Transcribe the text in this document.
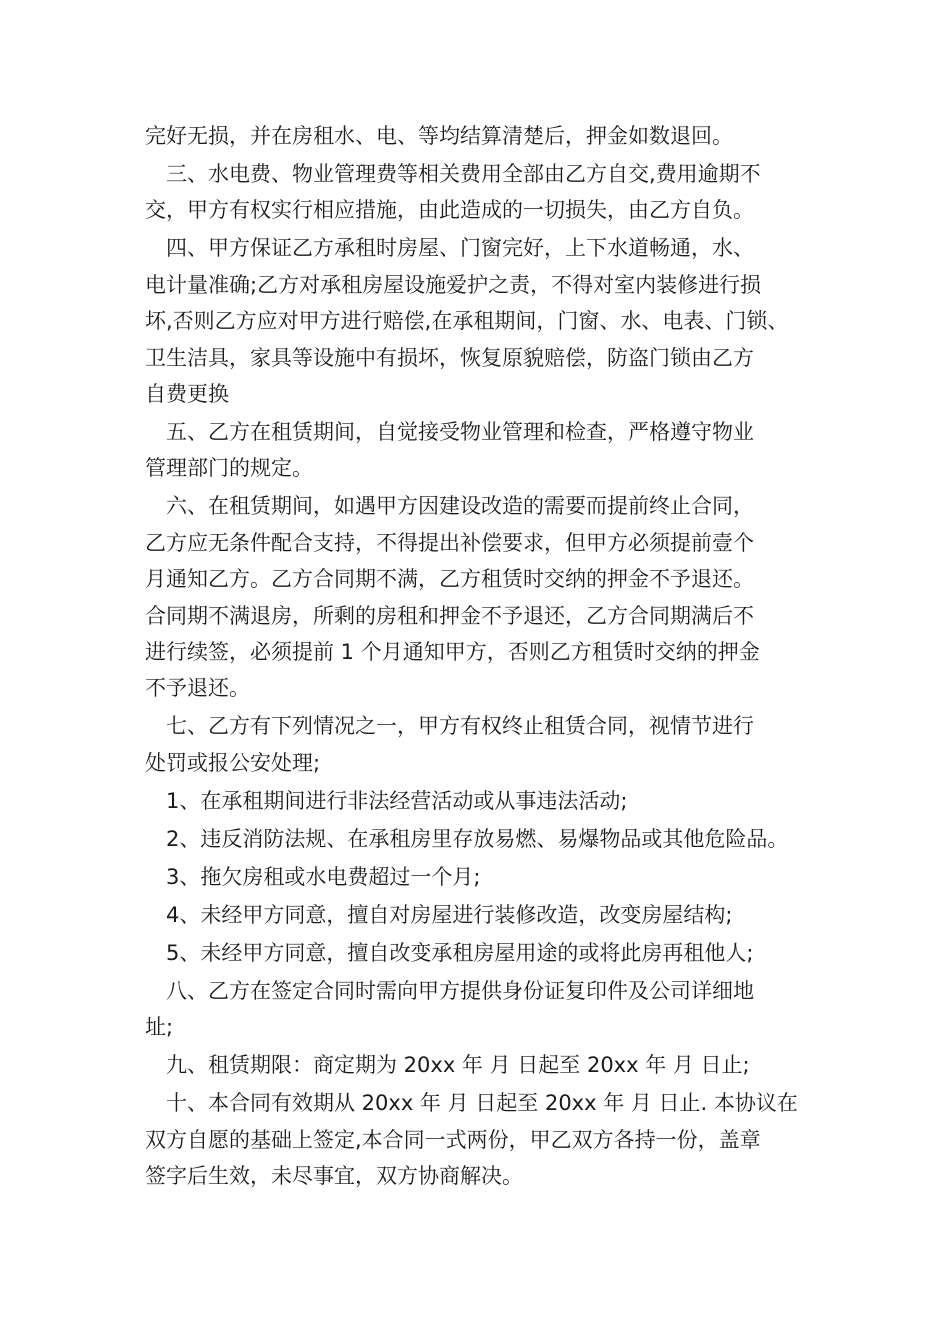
完好无损，并在房租水、电、等均结算清楚后，押金如数退回。

三、水电费、物业管理费等相关费用全部由乙方自交,费用逾期不

交，甲方有权实行相应措施，由此造成的一切损失，由乙方自负。

四、甲方保证乙方承租时房屋、门窗完好，上下水道畅通，水、

电计量准确;乙方对承租房屋设施爱护之责，不得对室内装修进行损

坏,否则乙方应对甲方进行赔偿,在承租期间，门窗、水、电表、门锁、

卫生洁具，家具等设施中有损坏，恢复原貌赔偿，防盗门锁由乙方

自费更换

五、乙方在租赁期间，自觉接受物业管理和检查，严格遵守物业

管理部门的规定。

六、在租赁期间，如遇甲方因建设改造的需要而提前终止合同，

乙方应无条件配合支持，不得提出补偿要求，但甲方必须提前壹个

月通知乙方。乙方合同期不满，乙方租赁时交纳的押金不予退还。

合同期不满退房，所剩的房租和押金不予退还，乙方合同期满后不

进行续签，必须提前 1 个月通知甲方，否则乙方租赁时交纳的押金

不予退还。

七、乙方有下列情况之一，甲方有权终止租赁合同，视情节进行

处罚或报公安处理;

1、在承租期间进行非法经营活动或从事违法活动;

2、违反消防法规、在承租房里存放易燃、易爆物品或其他危险品。

3、拖欠房租或水电费超过一个月;

4、未经甲方同意，擅自对房屋进行装修改造，改变房屋结构;

5、未经甲方同意，擅自改变承租房屋用途的或将此房再租他人;

八、乙方在签定合同时需向甲方提供身份证复印件及公司详细地

址;

九、租赁期限：商定期为 20xx 年 月 日起至 20xx 年 月 日止;

十、本合同有效期从 20xx 年 月 日起至 20xx 年 月 日止. 本协议在

双方自愿的基础上签定,本合同一式两份，甲乙双方各持一份，盖章

签字后生效，未尽事宜，双方协商解决。
